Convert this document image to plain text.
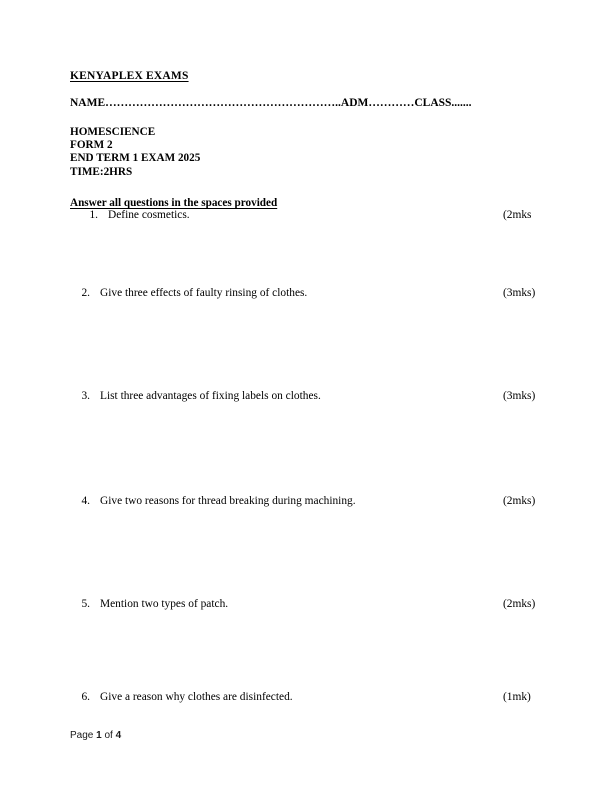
KENYAPLEX EXAMS
NAME……………………………………………………..ADM…………CLASS.......
HOMESCIENCE
FORM 2
END TERM 1 EXAM 2025
TIME:2HRS
Answer all questions in the spaces provided
1. Define cosmetics.	(2mks
2. Give three effects of faulty rinsing of clothes.	(3mks)
3. List three advantages of fixing labels on clothes.	(3mks)
4. Give two reasons for thread breaking during machining.	(2mks)
5. Mention two types of patch.	(2mks)
6. Give a reason why clothes are disinfected.	(1mk)
Page 1 of 4
